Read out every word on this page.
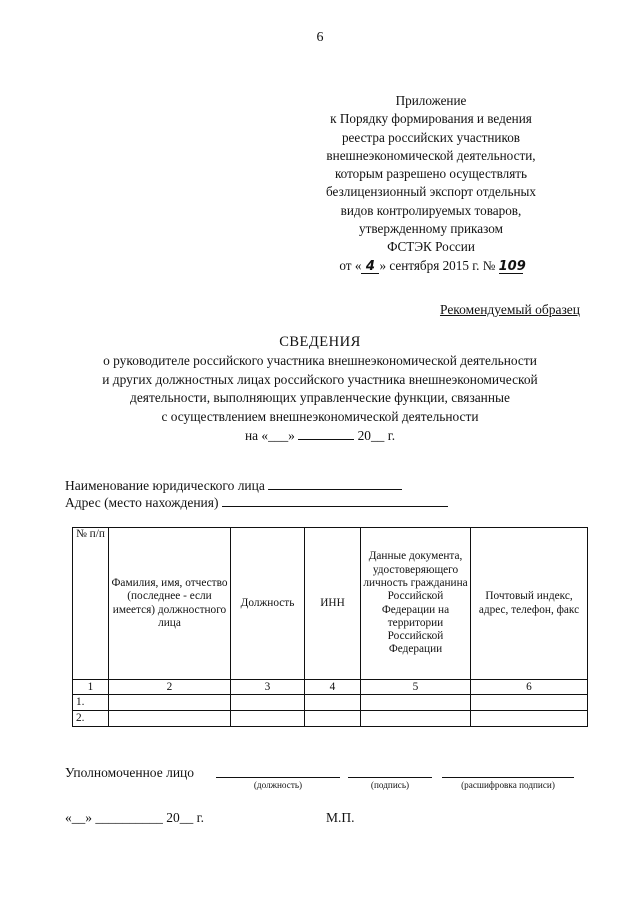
6
Приложение
к Порядку формирования и ведения
реестра российских участников
внешнеэкономической деятельности,
которым разрешено осуществлять
безлицензионный экспорт отдельных
видов контролируемых товаров,
утвержденному приказом
ФСТЭК России
от « 4 » сентября 2015 г. № 109
Рекомендуемый образец
СВЕДЕНИЯ
о руководителе российского участника внешнеэкономической деятельности
и других должностных лицах российского участника внешнеэкономической
деятельности, выполняющих управленческие функции, связанные
с осуществлением внешнеэкономической деятельности
на «___»	20__ г.
Наименование юридического лица
Адрес (место нахождения)
№ п/п	Фамилия, имя, отчество (последнее - если имеется) должностного лица	Должность	ИНН	Данные документа, удостоверяющего личность гражданина Российской Федерации на территории Российской Федерации	Почтовый индекс, адрес, телефон, факс
1	2	3	4	5	6
1.					
2.					
Уполномоченное лицо
(должность)	(подпись)	(расшифровка подписи)
«__» __________ 20__ г.	М.П.
